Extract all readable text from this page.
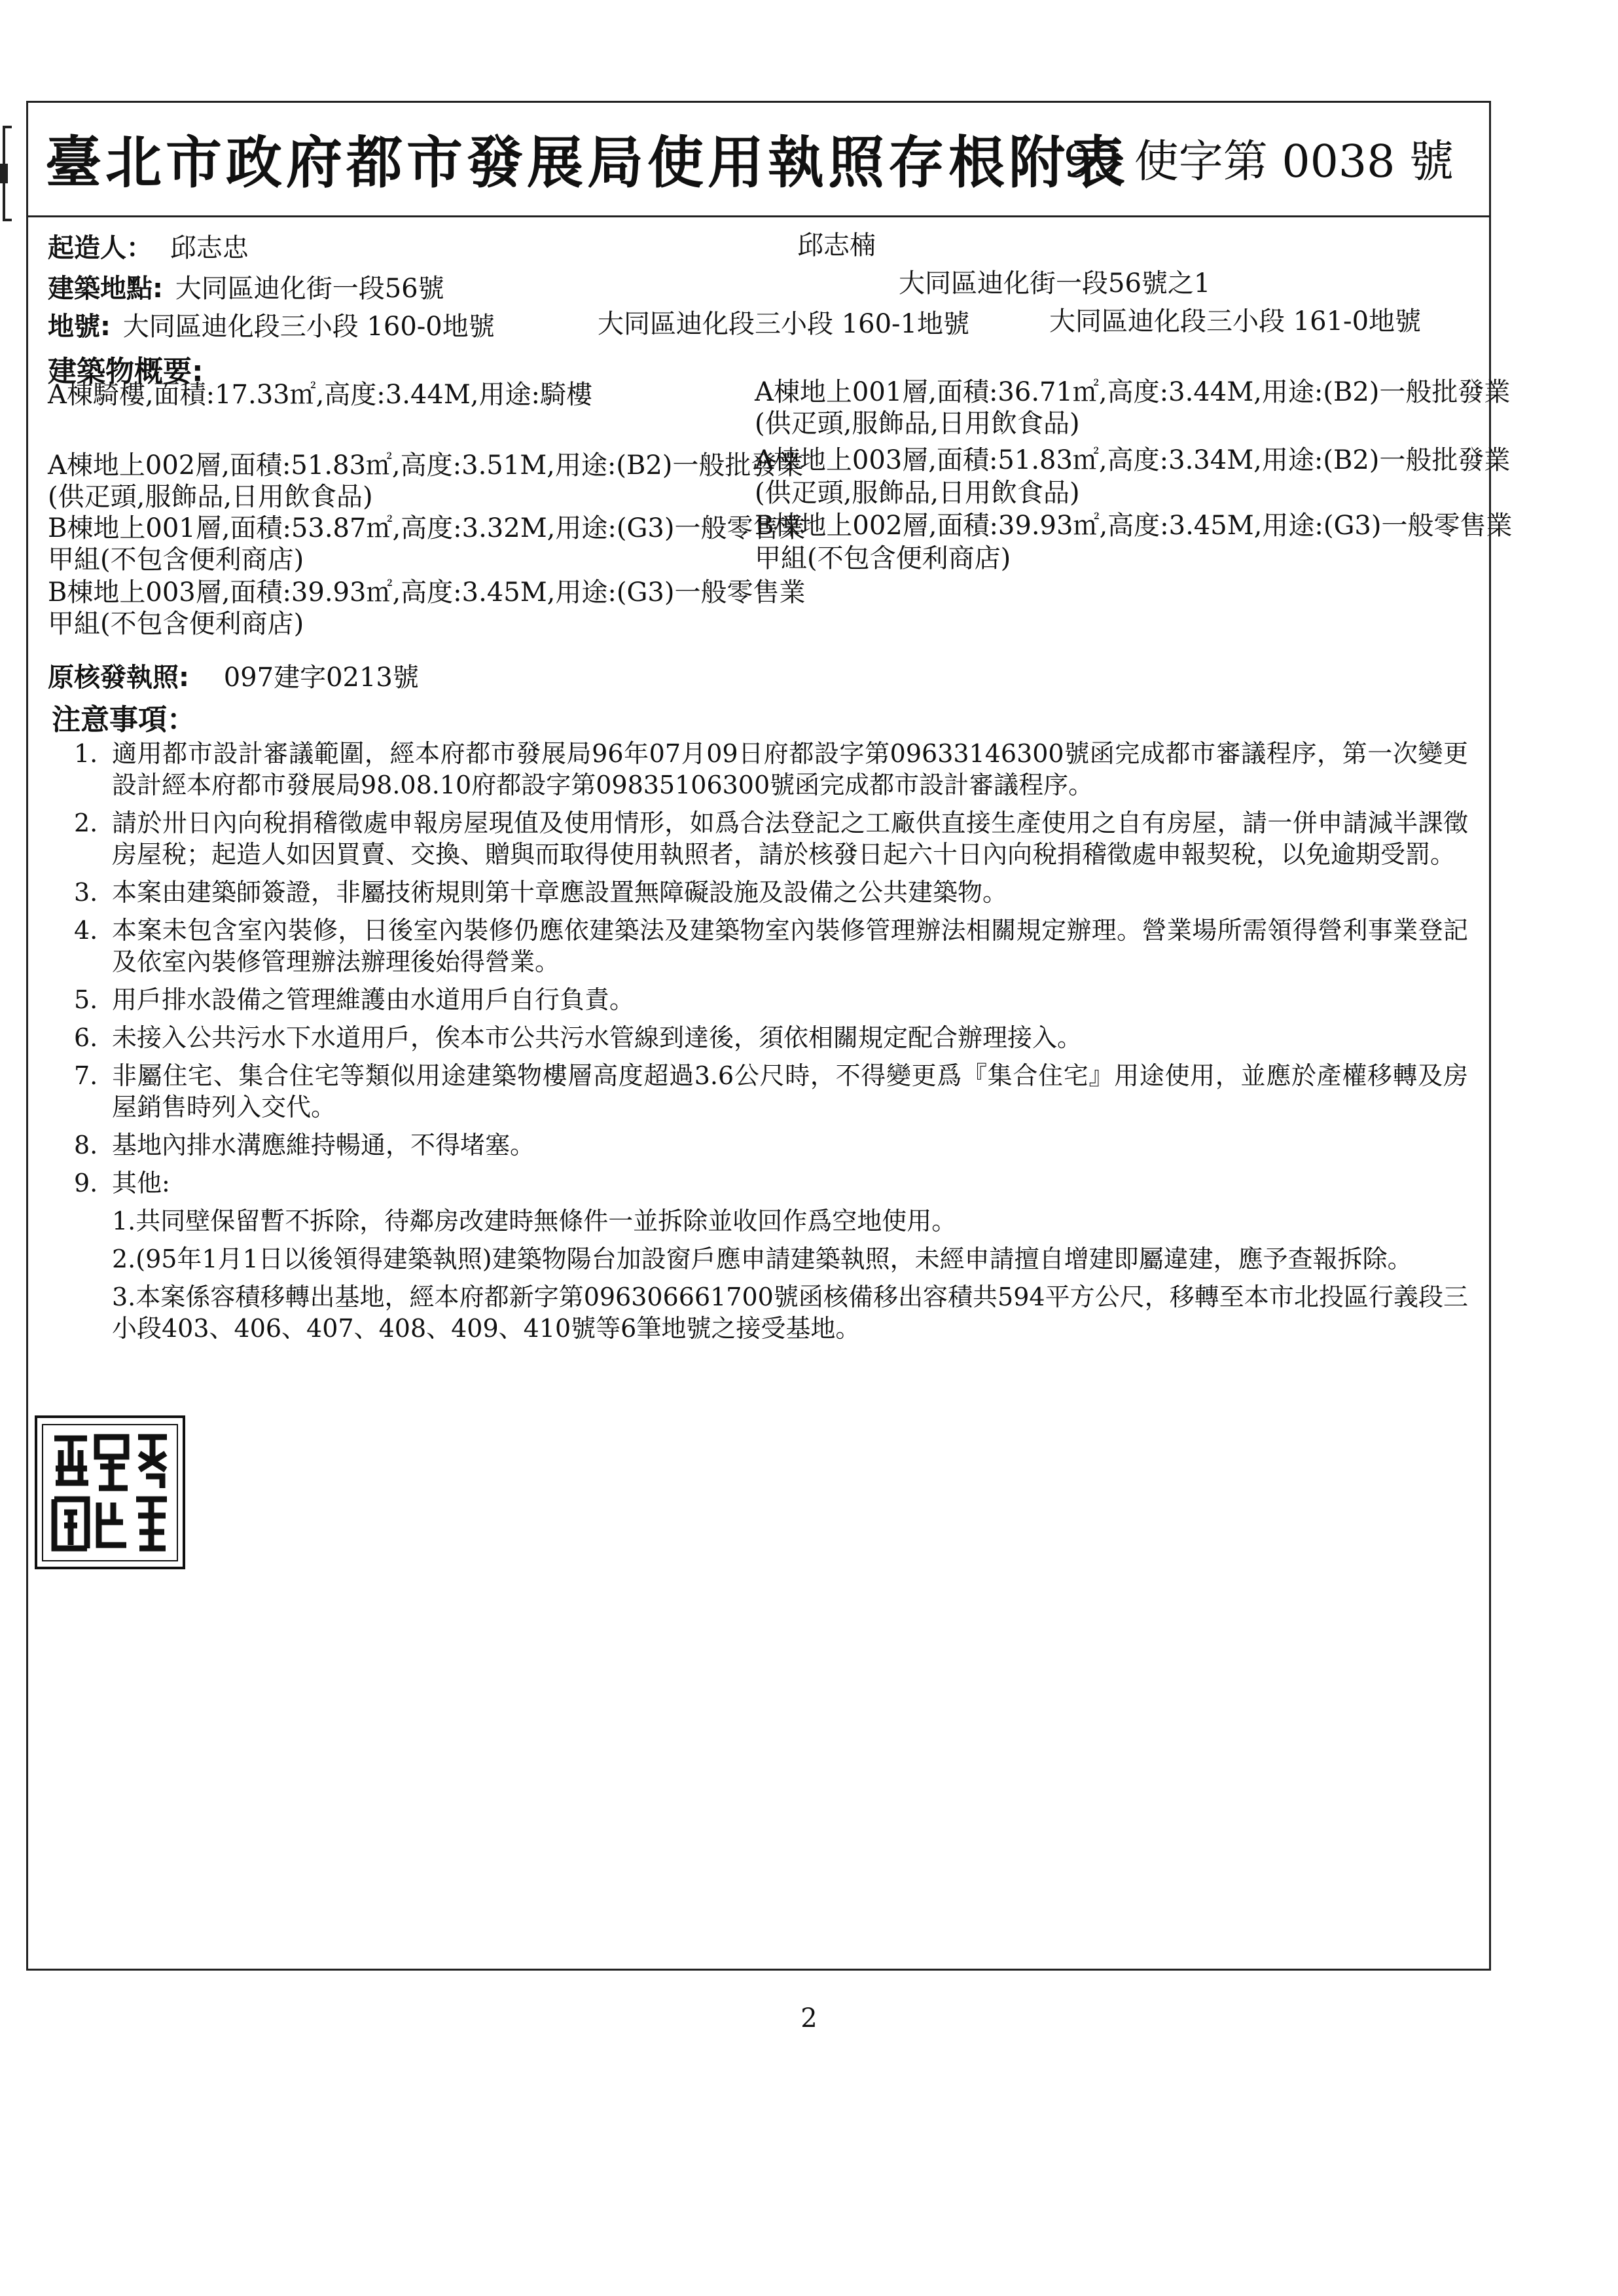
臺北市政府都市發展局使用執照存根附表
99 使字第 0038 號
起造人： 邱志忠	邱志楠
建築地點: 大同區迪化街一段56號	大同區迪化街一段56號之1
地號: 大同區迪化段三小段 160-0地號	大同區迪化段三小段 160-1地號	大同區迪化段三小段 161-0地號
建築物概要:
A棟騎樓,面積:17.33㎡,高度:3.44M,用途:騎樓
A棟地上002層,面積:51.83㎡,高度:3.51M,用途:(B2)一般批發業
(供疋頭,服飾品,日用飲食品)
B棟地上001層,面積:53.87㎡,高度:3.32M,用途:(G3)一般零售業
甲組(不包含便利商店)
B棟地上003層,面積:39.93㎡,高度:3.45M,用途:(G3)一般零售業
甲組(不包含便利商店)
A棟地上001層,面積:36.71㎡,高度:3.44M,用途:(B2)一般批發業
(供疋頭,服飾品,日用飲食品)
A棟地上003層,面積:51.83㎡,高度:3.34M,用途:(B2)一般批發業
(供疋頭,服飾品,日用飲食品)
B棟地上002層,面積:39.93㎡,高度:3.45M,用途:(G3)一般零售業
甲組(不包含便利商店)
原核發執照: 097建字0213號
注意事項：
1. 適用都市設計審議範圍，經本府都市發展局96年07月09日府都設字第09633146300號函完成都市審議程序，第一次變更設計經本府都市發展局98.08.10府都設字第09835106300號函完成都市設計審議程序。
2. 請於卅日內向稅捐稽徵處申報房屋現值及使用情形，如爲合法登記之工廠供直接生產使用之自有房屋，請一併申請減半課徵房屋稅；起造人如因買賣、交換、贈與而取得使用執照者，請於核發日起六十日內向稅捐稽徵處申報契稅，以免逾期受罰。
3. 本案由建築師簽證，非屬技術規則第十章應設置無障礙設施及設備之公共建築物。
4. 本案未包含室內裝修，日後室內裝修仍應依建築法及建築物室內裝修管理辦法相關規定辦理。營業場所需領得營利事業登記及依室內裝修管理辦法辦理後始得營業。
5. 用戶排水設備之管理維護由水道用戶自行負責。
6. 未接入公共污水下水道用戶，俟本市公共污水管線到達後，須依相關規定配合辦理接入。
7. 非屬住宅、集合住宅等類似用途建築物樓層高度超過3.6公尺時，不得變更爲『集合住宅』用途使用，並應於產權移轉及房屋銷售時列入交代。
8. 基地內排水溝應維持暢通，不得堵塞。
9. 其他:
1.共同壁保留暫不拆除，待鄰房改建時無條件一並拆除並收回作爲空地使用。
2.(95年1月1日以後領得建築執照)建築物陽台加設窗戶應申請建築執照，未經申請擅自增建即屬違建，應予查報拆除。
3.本案係容積移轉出基地，經本府都新字第096306661700號函核備移出容積共594平方公尺，移轉至本市北投區行義段三小段403、406、407、408、409、410號等6筆地號之接受基地。
2
